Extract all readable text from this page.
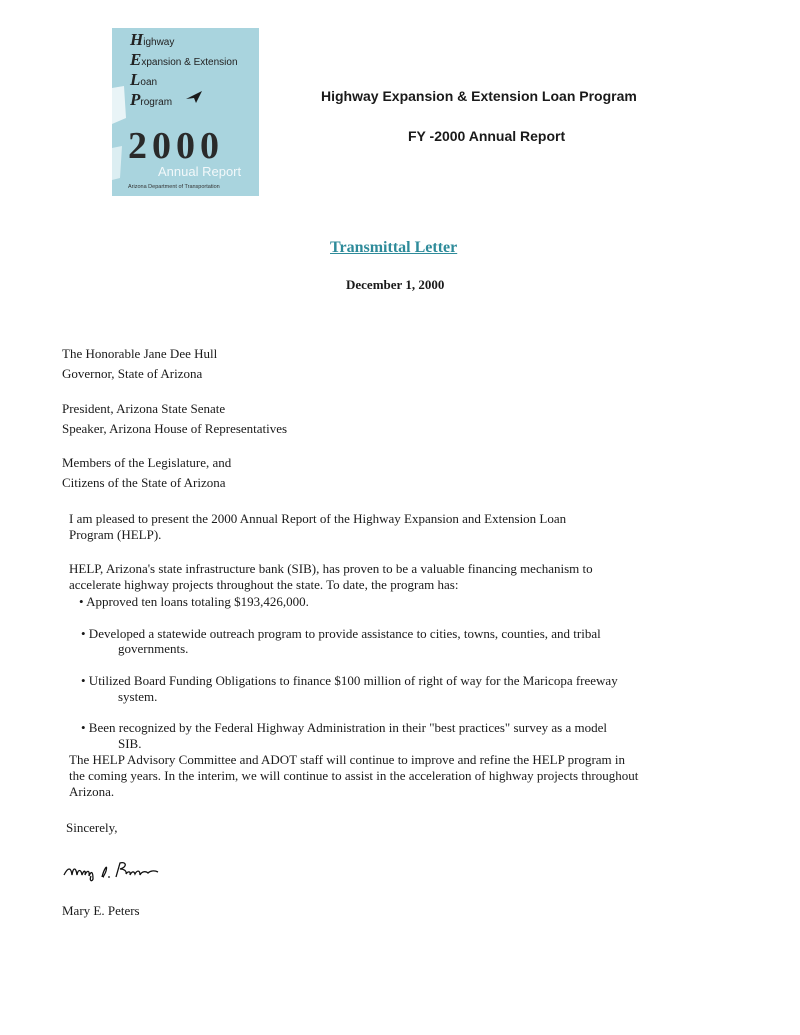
Highway
Expansion & Extension
Loan
Program
2000
Annual Report
Arizona Department of Transportation
Highway Expansion & Extension Loan Program
FY -2000 Annual Report
Transmittal Letter
December 1, 2000
The Honorable Jane Dee Hull
Governor, State of Arizona
President, Arizona State Senate
Speaker, Arizona House of Representatives
Members of the Legislature, and
Citizens of the State of Arizona
I am pleased to present the 2000 Annual Report of the Highway Expansion and Extension Loan
Program (HELP).
HELP, Arizona's state infrastructure bank (SIB), has proven to be a valuable financing mechanism to
accelerate highway projects throughout the state. To date, the program has:
• Approved ten loans totaling $193,426,000.
• Developed a statewide outreach program to provide assistance to cities, towns, counties, and tribal
governments.
• Utilized Board Funding Obligations to finance $100 million of right of way for the Maricopa freeway
system.
• Been recognized by the Federal Highway Administration in their "best practices" survey as a model
SIB.
The HELP Advisory Committee and ADOT staff will continue to improve and refine the HELP program in
the coming years. In the interim, we will continue to assist in the acceleration of highway projects throughout
Arizona.
Sincerely,
Mary E. Peters
